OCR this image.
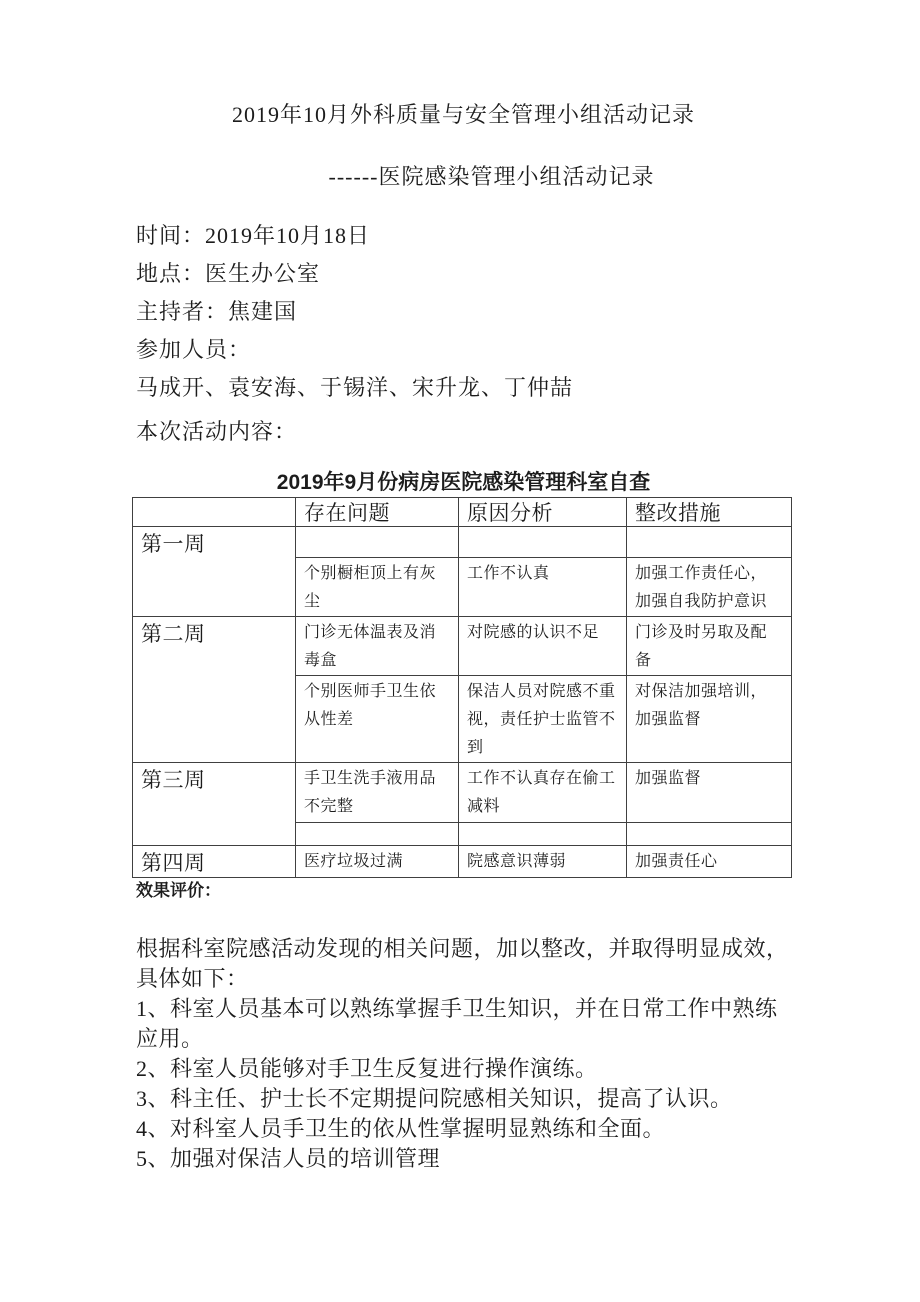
2019年10月外科质量与安全管理小组活动记录
------医院感染管理小组活动记录

时间：2019年10月18日

地点：医生办公室

主持者：焦建国

参加人员：

马成开、袁安海、于锡洋、宋升龙、丁仲喆

本次活动内容：

2019年9月份病房医院感染管理科室自查
	存在问题	原因分析	整改措施
第一周			
	个别橱柜顶上有灰尘	工作不认真	加强工作责任心，加强自我防护意识
第二周	门诊无体温表及消毒盒	对院感的认识不足	门诊及时另取及配备
	个别医师手卫生依从性差	保洁人员对院感不重视，责任护士监管不到	对保洁加强培训，加强监督
第三周	手卫生洗手液用品不完整	工作不认真存在偷工减料	加强监督

第四周	医疗垃圾过满	院感意识薄弱	加强责任心
效果评价：

根据科室院感活动发现的相关问题，加以整改，并取得明显成效，具体如下：

1、科室人员基本可以熟练掌握手卫生知识，并在日常工作中熟练应用。

2、科室人员能够对手卫生反复进行操作演练。

3、科主任、护士长不定期提问院感相关知识，提高了认识。

4、对科室人员手卫生的依从性掌握明显熟练和全面。

5、加强对保洁人员的培训管理
